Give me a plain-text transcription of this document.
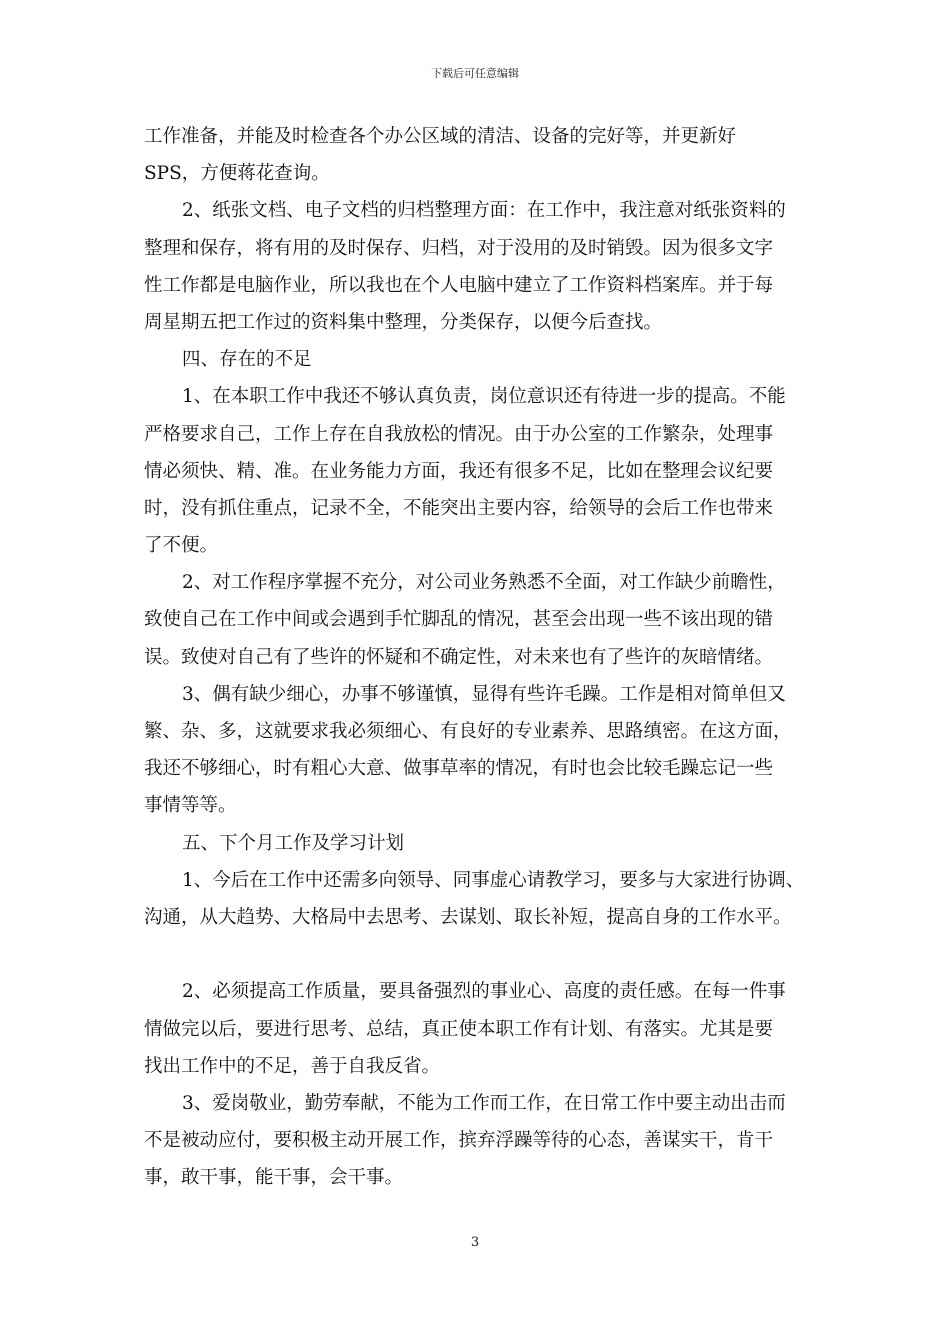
下载后可任意编辑
工作准备，并能及时检查各个办公区域的清洁、设备的完好等，并更新好
SPS，方便蒋花查询。
2、纸张文档、电子文档的归档整理方面：在工作中，我注意对纸张资料的
整理和保存，将有用的及时保存、归档，对于没用的及时销毁。因为很多文字
性工作都是电脑作业，所以我也在个人电脑中建立了工作资料档案库。并于每
周星期五把工作过的资料集中整理，分类保存，以便今后查找。
四、存在的不足
1、在本职工作中我还不够认真负责，岗位意识还有待进一步的提高。不能
严格要求自己，工作上存在自我放松的情况。由于办公室的工作繁杂，处理事
情必须快、精、准。在业务能力方面，我还有很多不足，比如在整理会议纪要
时，没有抓住重点，记录不全，不能突出主要内容，给领导的会后工作也带来
了不便。
2、对工作程序掌握不充分，对公司业务熟悉不全面，对工作缺少前瞻性，
致使自己在工作中间或会遇到手忙脚乱的情况，甚至会出现一些不该出现的错
误。致使对自己有了些许的怀疑和不确定性，对未来也有了些许的灰暗情绪。
3、偶有缺少细心，办事不够谨慎，显得有些许毛躁。工作是相对简单但又
繁、杂、多，这就要求我必须细心、有良好的专业素养、思路缜密。在这方面，
我还不够细心，时有粗心大意、做事草率的情况，有时也会比较毛躁忘记一些
事情等等。
五、下个月工作及学习计划
1、今后在工作中还需多向领导、同事虚心请教学习，要多与大家进行协调、
沟通，从大趋势、大格局中去思考、去谋划、取长补短，提高自身的工作水平。
2、必须提高工作质量，要具备强烈的事业心、高度的责任感。在每一件事
情做完以后，要进行思考、总结，真正使本职工作有计划、有落实。尤其是要
找出工作中的不足，善于自我反省。
3、爱岗敬业，勤劳奉献，不能为工作而工作，在日常工作中要主动出击而
不是被动应付，要积极主动开展工作，摈弃浮躁等待的心态，善谋实干，肯干
事，敢干事，能干事，会干事。
3
